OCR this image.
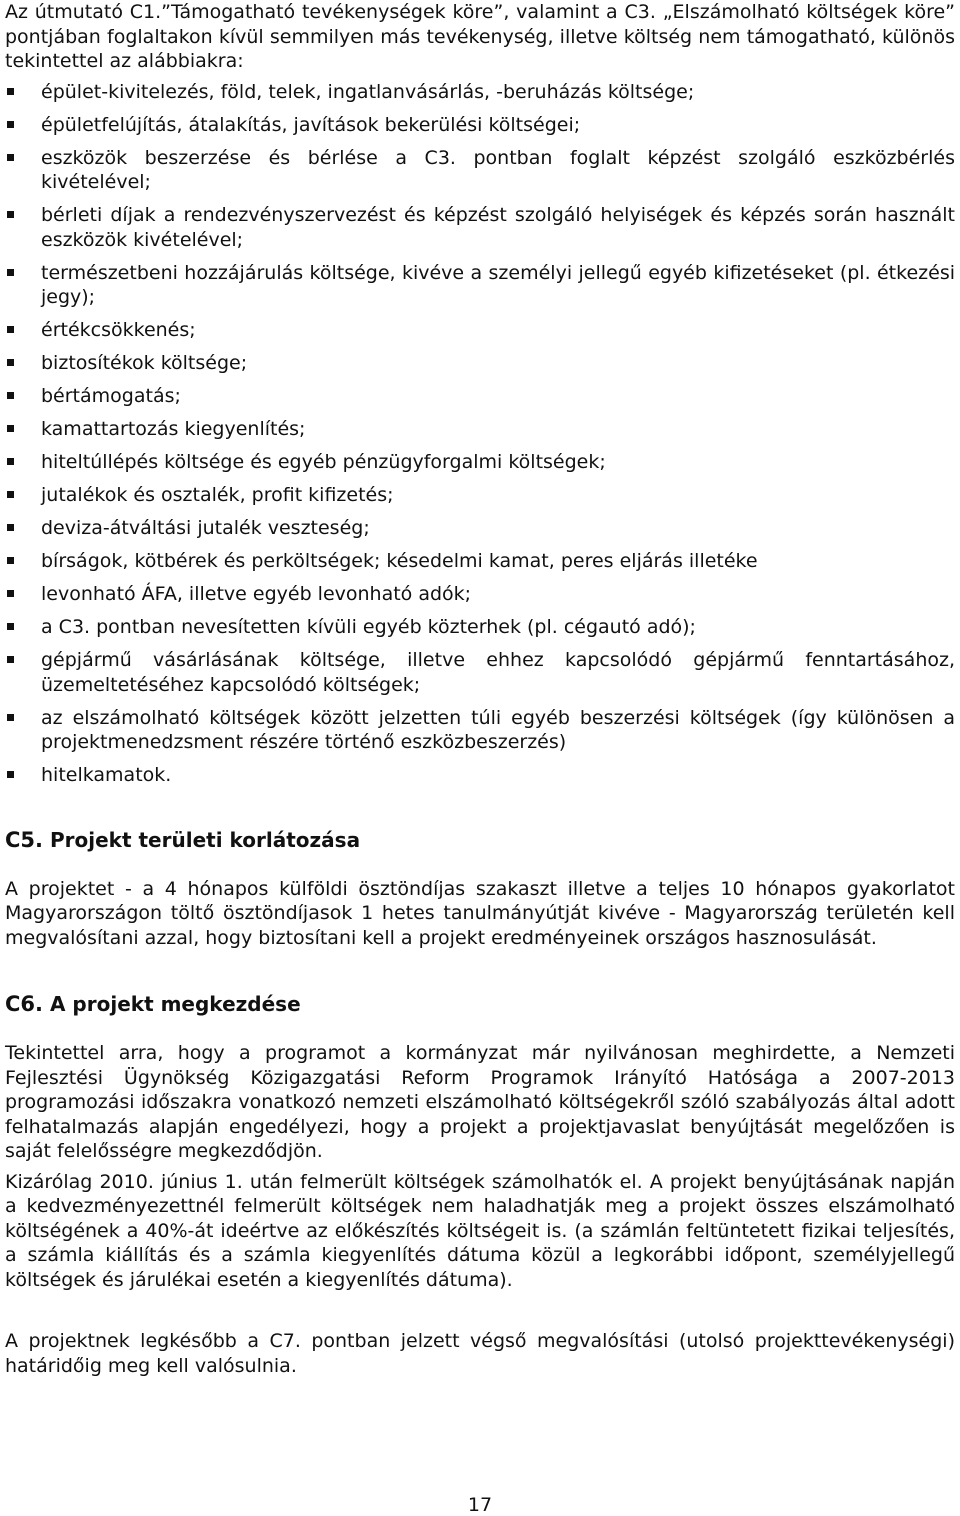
Az útmutató C1.”Támogatható tevékenységek köre”, valamint a C3. „Elszámolható költségek köre” pontjában foglaltakon kívül semmilyen más tevékenység, illetve költség nem támogatható, különös tekintettel az alábbiakra:

épület-kivitelezés, föld, telek, ingatlanvásárlás, -beruházás költsége;
épületfelújítás, átalakítás, javítások bekerülési költségei;
eszközök beszerzése és bérlése a C3. pontban foglalt képzést szolgáló eszközbérlés kivételével;
bérleti díjak a rendezvényszervezést és képzést szolgáló helyiségek és képzés során használt eszközök kivételével;
természetbeni hozzájárulás költsége, kivéve a személyi jellegű egyéb kifizetéseket (pl. étkezési jegy);
értékcsökkenés;
biztosítékok költsége;
bértámogatás;
kamattartozás kiegyenlítés;
hiteltúllépés költsége és egyéb pénzügyforgalmi költségek;
jutalékok és osztalék, profit kifizetés;
deviza-átváltási jutalék veszteség;
bírságok, kötbérek és perköltségek; késedelmi kamat, peres eljárás illetéke
levonható ÁFA, illetve egyéb levonható adók;
a C3. pontban nevesítetten kívüli egyéb közterhek (pl. cégautó adó);
gépjármű vásárlásának költsége, illetve ehhez kapcsolódó gépjármű fenntartásához, üzemeltetéséhez kapcsolódó költségek;
az elszámolható költségek között jelzetten túli egyéb beszerzési költségek (így különösen a projektmenedzsment részére történő eszközbeszerzés)
hitelkamatok.
C5. Projekt területi korlátozása

A projektet - a 4 hónapos külföldi ösztöndíjas szakaszt illetve a teljes 10 hónapos gyakorlatot Magyarországon töltő ösztöndíjasok 1 hetes tanulmányútját kivéve - Magyarország területén kell megvalósítani azzal, hogy biztosítani kell a projekt eredményeinek országos hasznosulását.

C6. A projekt megkezdése

Tekintettel arra, hogy a programot a kormányzat már nyilvánosan meghirdette, a Nemzeti Fejlesztési Ügynökség Közigazgatási Reform Programok Irányító Hatósága a 2007-2013 programozási időszakra vonatkozó nemzeti elszámolható költségekről szóló szabályozás által adott felhatalmazás alapján engedélyezi, hogy a projekt a projektjavaslat benyújtását megelőzően is saját felelősségre megkezdődjön.

Kizárólag 2010. június 1. után felmerült költségek számolhatók el. A projekt benyújtásának napján a kedvezményezettnél felmerült költségek nem haladhatják meg a projekt összes elszámolható költségének a 40%-át ideértve az előkészítés költségeit is. (a számlán feltüntetett fizikai teljesítés, a számla kiállítás és a számla kiegyenlítés dátuma közül a legkorábbi időpont, személyjellegű költségek és járulékai esetén a kiegyenlítés dátuma).

A projektnek legkésőbb a C7. pontban jelzett végső megvalósítási (utolsó projekttevékenységi) határidőig meg kell valósulnia.

17
